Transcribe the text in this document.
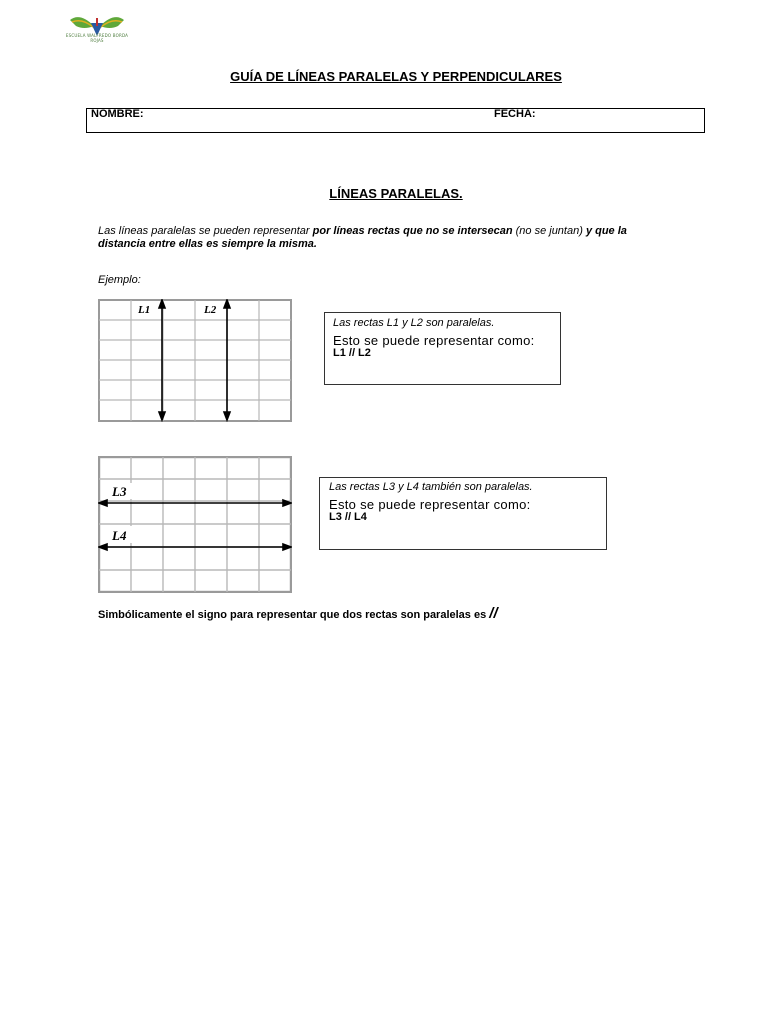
ESCUELA WALFREDO BORDA ROJAS
GUÍA DE LÍNEAS PARALELAS Y PERPENDICULARES
NOMBRE:	FECHA:
LÍNEAS PARALELAS.
Las líneas paralelas se pueden representar por líneas rectas que no se intersecan (no se juntan) y que la distancia entre ellas es siempre la misma.
Ejemplo:
L1	L2
Las rectas L1 y L2 son paralelas.
Esto se puede representar como:
L1 // L2
L3
L4
Las rectas L3 y L4 también son paralelas.
Esto se puede representar como:
L3 // L4
Simbólicamente el signo para representar que dos rectas son paralelas es //
